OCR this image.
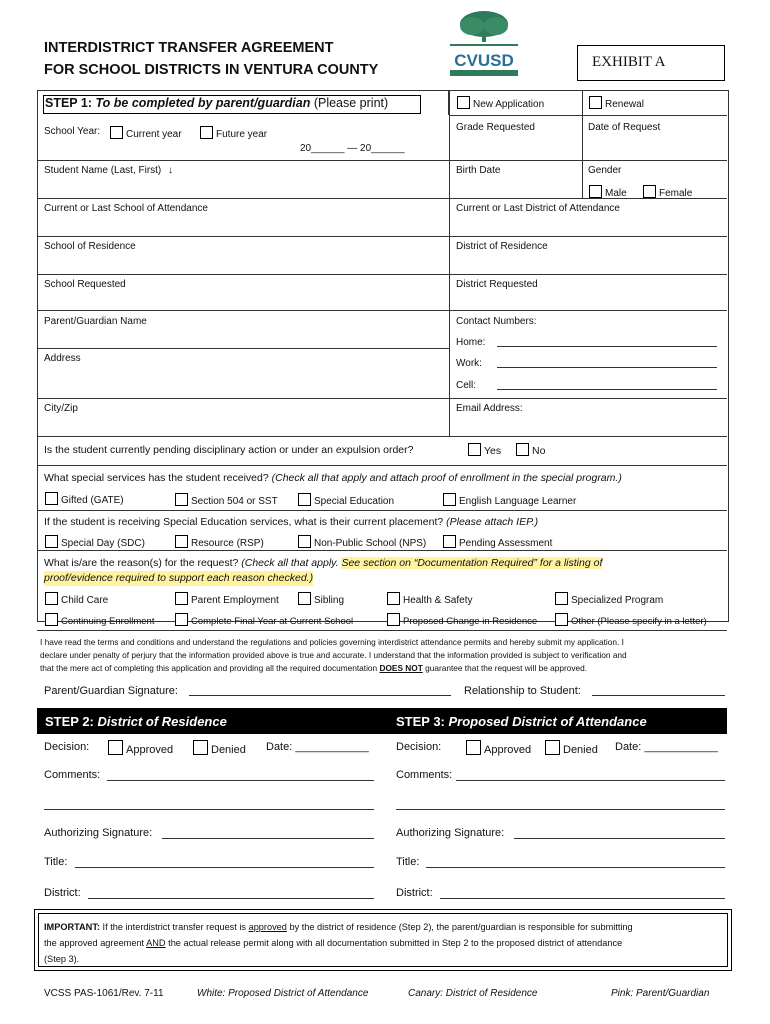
INTERDISTRICT TRANSFER AGREEMENT
FOR SCHOOL DISTRICTS IN VENTURA COUNTY	CVUSD	EXHIBIT A
STEP 1: To be completed by parent/guardian (Please print)	New Application	Renewal
School Year:	Current year	Future year
20______ — 20______
Grade Requested	Date of Request
Student Name (Last, First) ↓	Birth Date	Gender
Male	Female
Current or Last School of Attendance	Current or Last District of Attendance
School of Residence	District of Residence
School Requested	District Requested
Parent/Guardian Name	Contact Numbers:
Home:
Work:
Cell:
Address
City/Zip	Email Address:
Is the student currently pending disciplinary action or under an expulsion order?	Yes	No
What special services has the student received? (Check all that apply and attach proof of enrollment in the special program.)
Gifted (GATE)	Section 504 or SST	Special Education	English Language Learner
If the student is receiving Special Education services, what is their current placement? (Please attach IEP.)
Special Day (SDC)	Resource (RSP)	Non-Public School (NPS)	Pending Assessment
What is/are the reason(s) for the request? (Check all that apply. See section on “Documentation Required” for a listing of
proof/evidence required to support each reason checked.)
Child Care	Parent Employment	Sibling	Health & Safety	Specialized Program
Continuing Enrollment	Complete Final Year at Current School	Proposed Change in Residence	Other (Please specify in a letter)
I have read the terms and conditions and understand the regulations and policies governing interdistrict attendance permits and hereby submit my application. I
declare under penalty of perjury that the information provided above is true and accurate. I understand that the information provided is subject to verification and
that the mere act of completing this application and providing all the required documentation DOES NOT guarantee that the request will be approved.
Parent/Guardian Signature:	Relationship to Student:
STEP 2: District of Residence	STEP 3: Proposed District of Attendance
Decision:	Approved	Denied Date: ____________
Comments:
Authorizing Signature:
Title:
District:
Decision:	Approved	Denied Date: ____________
Comments:
Authorizing Signature:
Title:
District:
IMPORTANT: If the interdistrict transfer request is approved by the district of residence (Step 2), the parent/guardian is responsible for submitting
the approved agreement AND the actual release permit along with all documentation submitted in Step 2 to the proposed district of attendance
(Step 3).
VCSS PAS-1061/Rev. 7-11	White: Proposed District of Attendance	Canary: District of Residence	Pink: Parent/Guardian
